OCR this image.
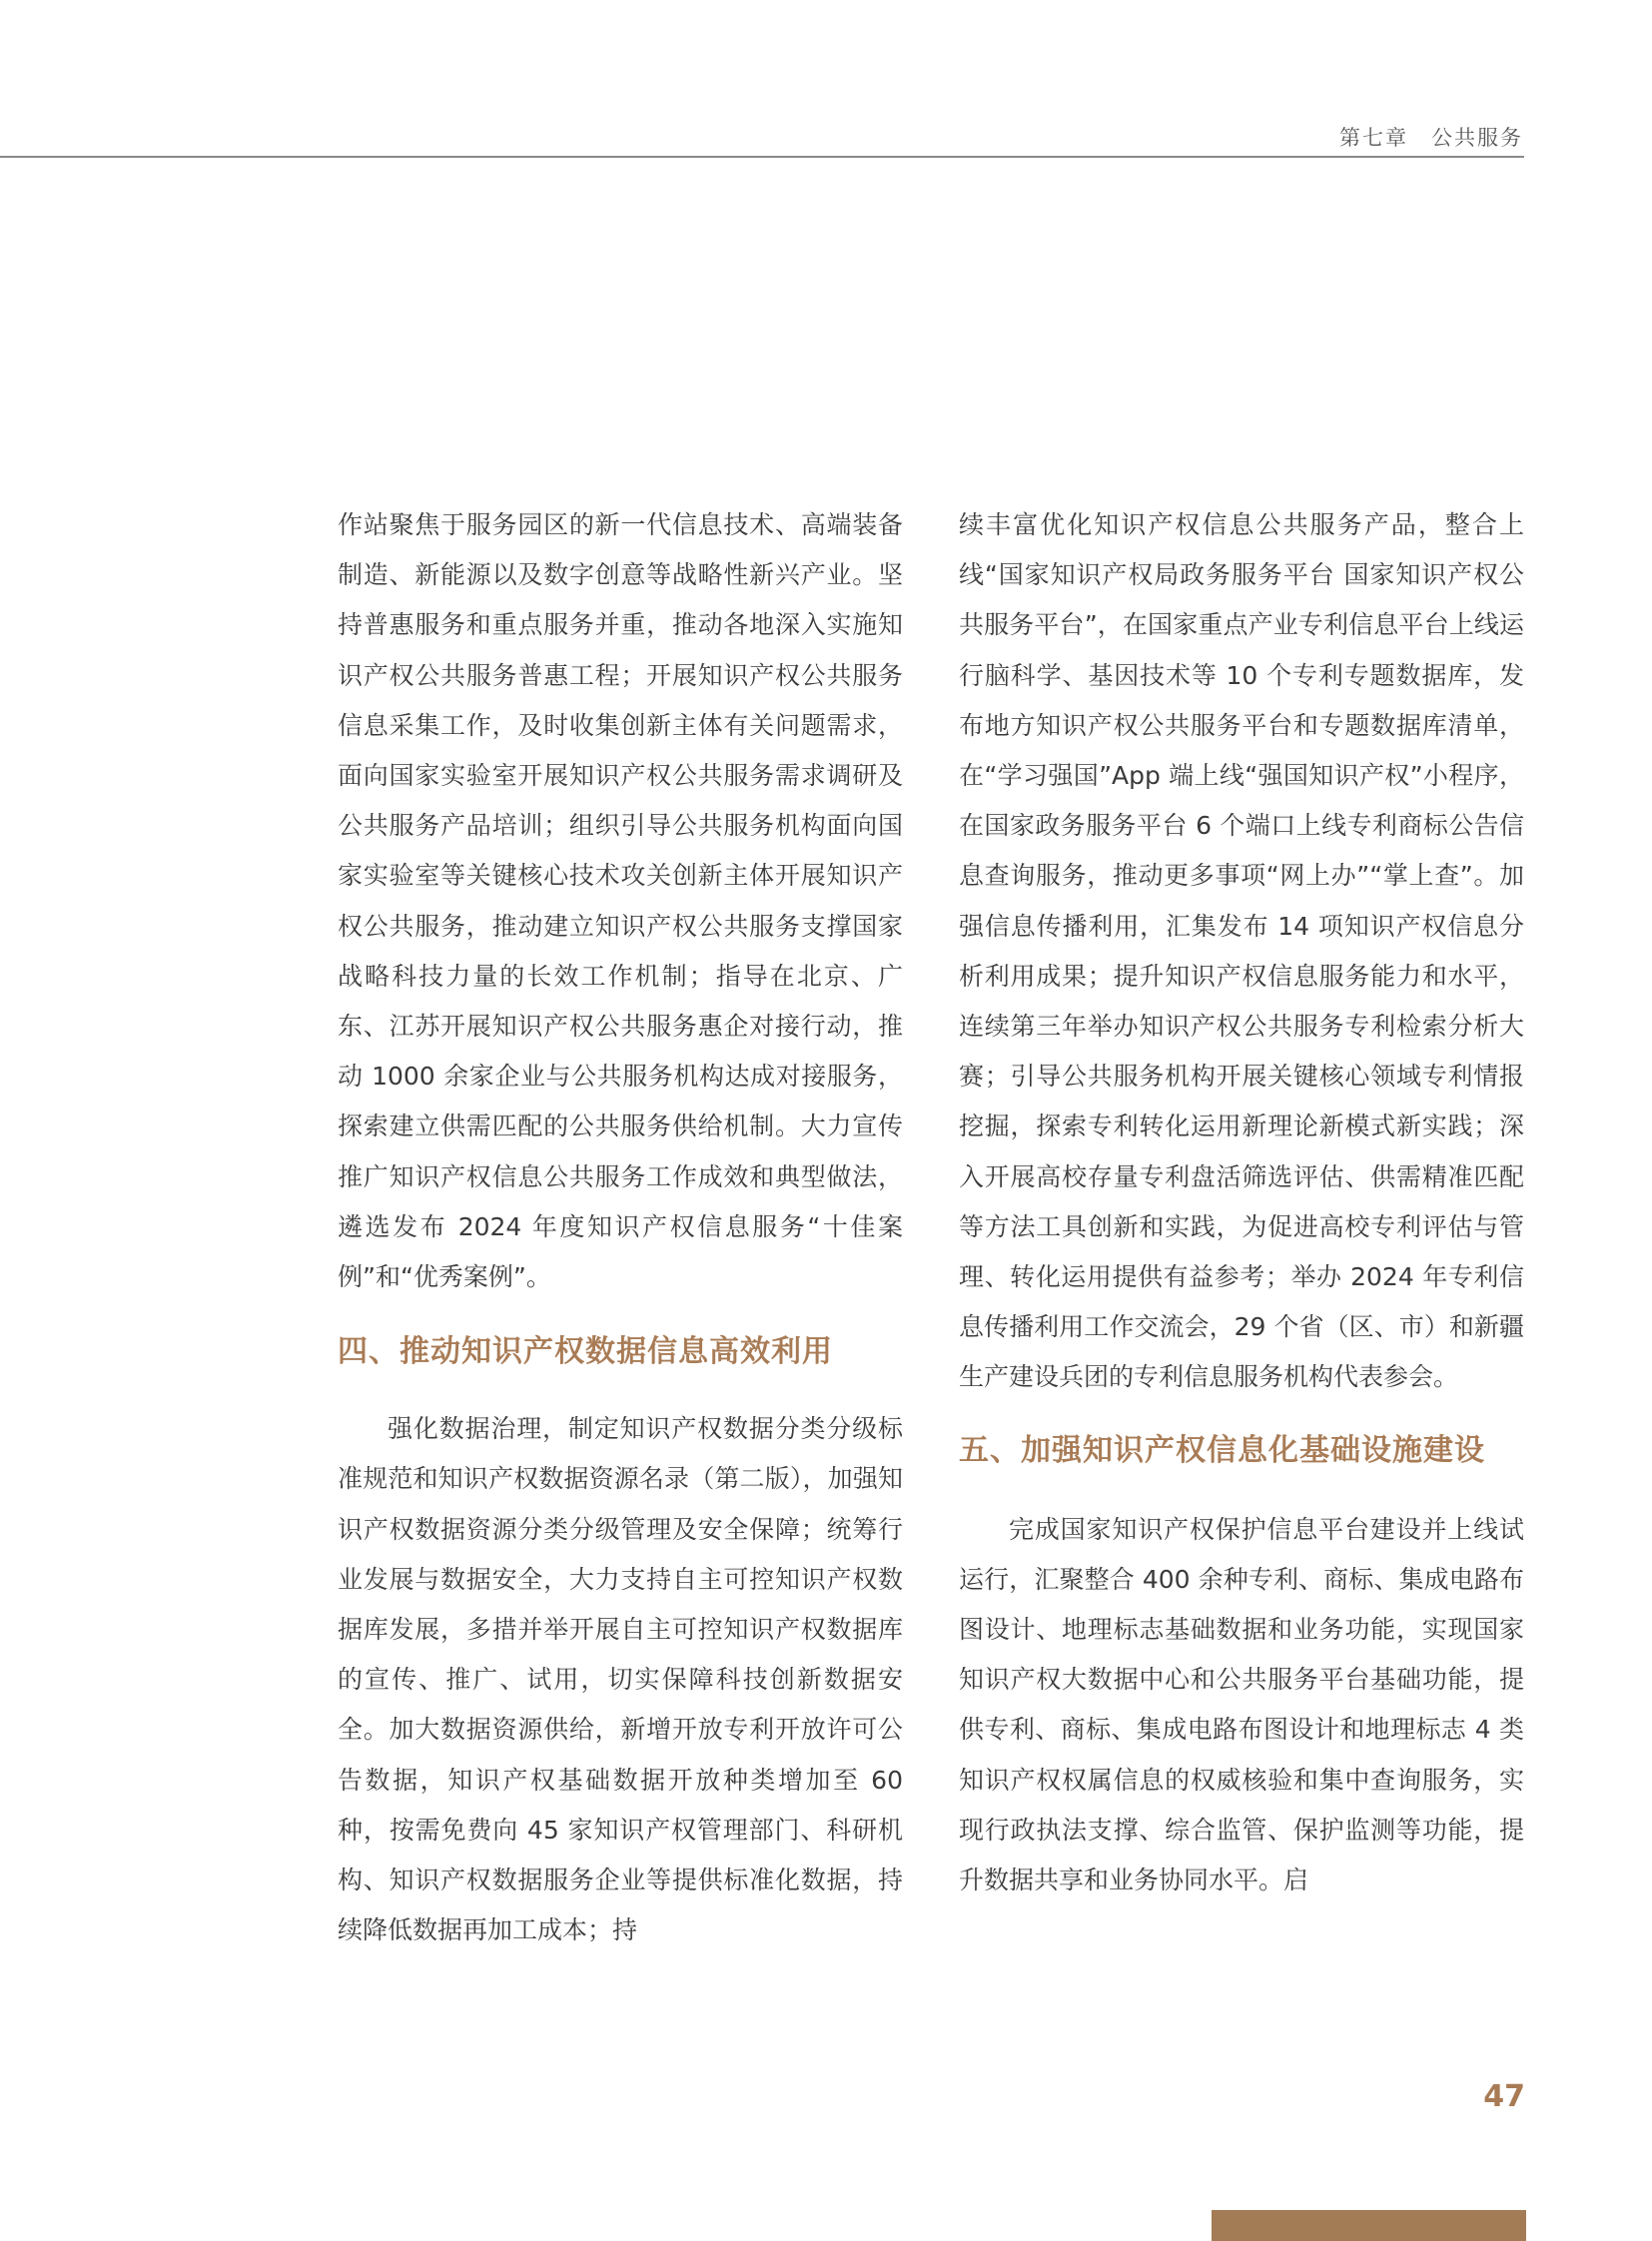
第七章　公共服务

作站聚焦于服务园区的新一代信息技术、高端装备制造、新能源以及数字创意等战略性新兴产业。坚持普惠服务和重点服务并重，推动各地深入实施知识产权公共服务普惠工程；开展知识产权公共服务信息采集工作，及时收集创新主体有关问题需求，面向国家实验室开展知识产权公共服务需求调研及公共服务产品培训；组织引导公共服务机构面向国家实验室等关键核心技术攻关创新主体开展知识产权公共服务，推动建立知识产权公共服务支撑国家战略科技力量的长效工作机制；指导在北京、广东、江苏开展知识产权公共服务惠企对接行动，推动 1000 余家企业与公共服务机构达成对接服务，探索建立供需匹配的公共服务供给机制。大力宣传推广知识产权信息公共服务工作成效和典型做法，遴选发布 2024 年度知识产权信息服务“十佳案例”和“优秀案例”。

四、推动知识产权数据信息高效利用

强化数据治理，制定知识产权数据分类分级标准规范和知识产权数据资源名录（第二版），加强知识产权数据资源分类分级管理及安全保障；统筹行业发展与数据安全，大力支持自主可控知识产权数据库发展，多措并举开展自主可控知识产权数据库的宣传、推广、试用，切实保障科技创新数据安全。加大数据资源供给，新增开放专利开放许可公告数据，知识产权基础数据开放种类增加至 60 种，按需免费向 45 家知识产权管理部门、科研机构、知识产权数据服务企业等提供标准化数据，持续降低数据再加工成本；持

续丰富优化知识产权信息公共服务产品，整合上线“国家知识产权局政务服务平台 国家知识产权公共服务平台”，在国家重点产业专利信息平台上线运行脑科学、基因技术等 10 个专利专题数据库，发布地方知识产权公共服务平台和专题数据库清单，在“学习强国”App 端上线“强国知识产权”小程序，在国家政务服务平台 6 个端口上线专利商标公告信息查询服务，推动更多事项“网上办”“掌上查”。加强信息传播利用，汇集发布 14 项知识产权信息分析利用成果；提升知识产权信息服务能力和水平，连续第三年举办知识产权公共服务专利检索分析大赛；引导公共服务机构开展关键核心领域专利情报挖掘，探索专利转化运用新理论新模式新实践；深入开展高校存量专利盘活筛选评估、供需精准匹配等方法工具创新和实践，为促进高校专利评估与管理、转化运用提供有益参考；举办 2024 年专利信息传播利用工作交流会，29 个省（区、市）和新疆生产建设兵团的专利信息服务机构代表参会。

五、加强知识产权信息化基础设施建设

完成国家知识产权保护信息平台建设并上线试运行，汇聚整合 400 余种专利、商标、集成电路布图设计、地理标志基础数据和业务功能，实现国家知识产权大数据中心和公共服务平台基础功能，提供专利、商标、集成电路布图设计和地理标志 4 类知识产权权属信息的权威核验和集中查询服务，实现行政执法支撑、综合监管、保护监测等功能，提升数据共享和业务协同水平。启

47
